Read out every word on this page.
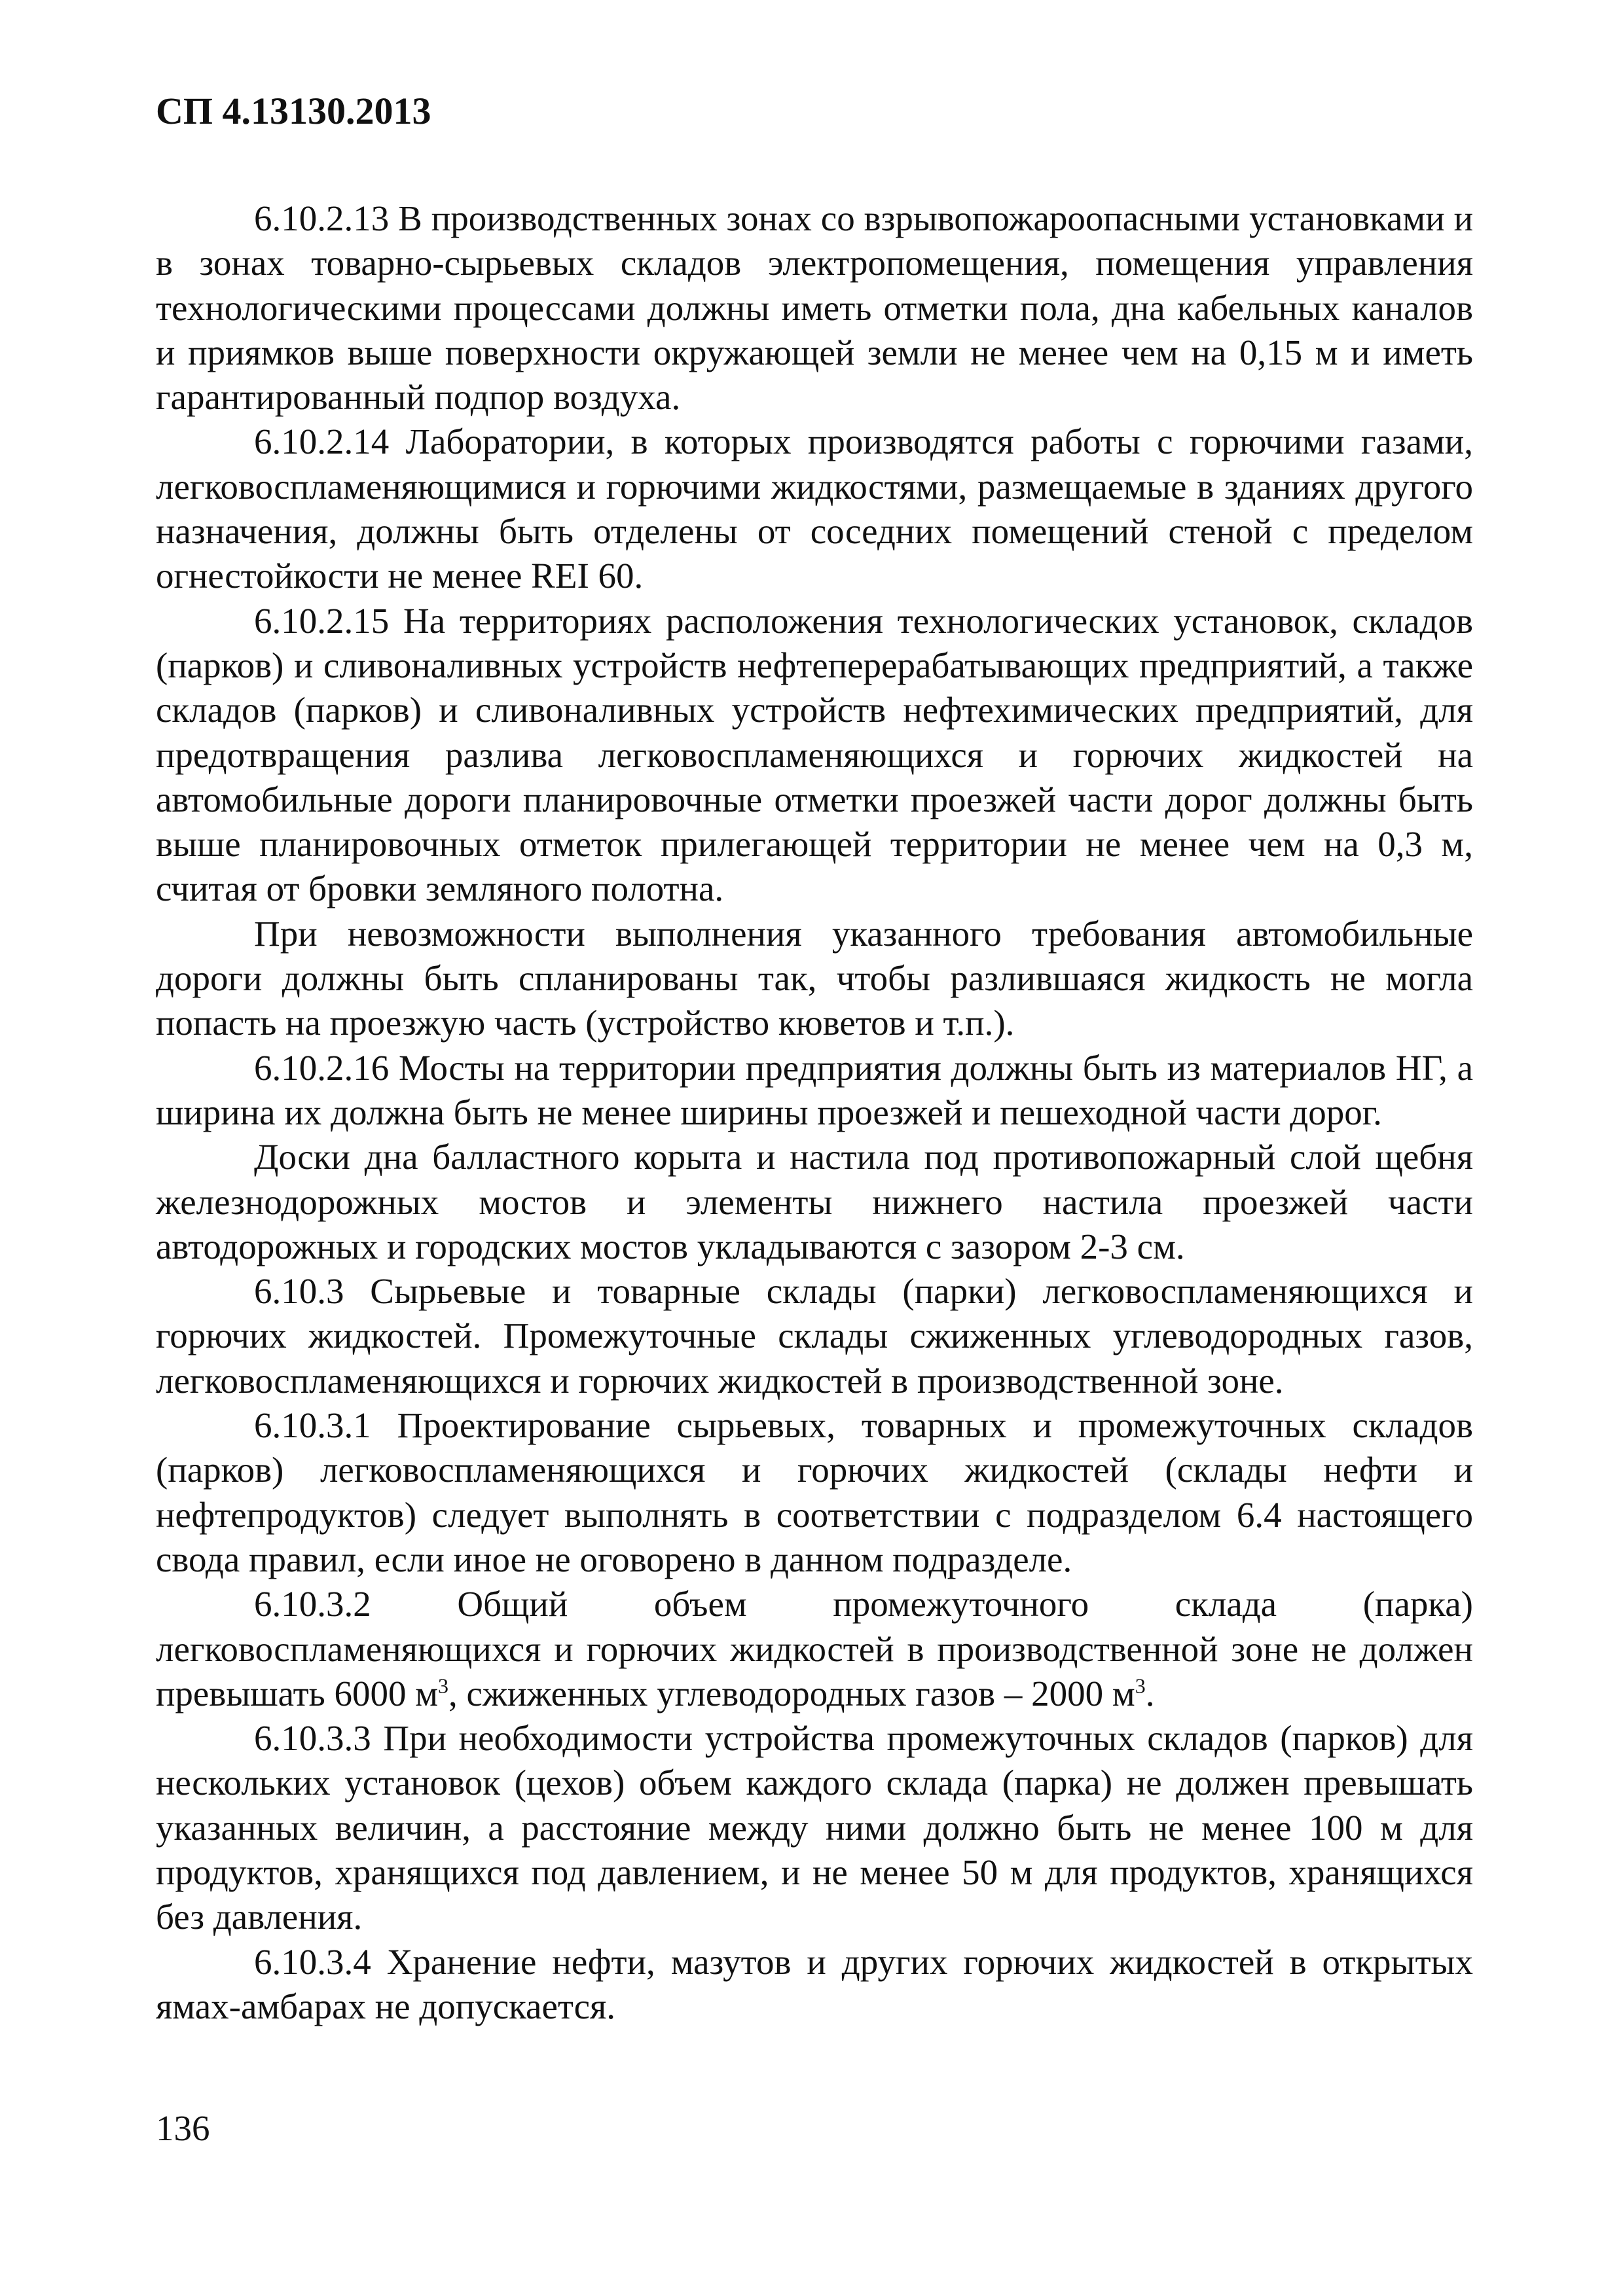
СП 4.13130.2013

6.10.2.13 В производственных зонах со взрывопожароопасными установками и в зонах товарно-сырьевых складов электропомещения, помещения управления технологическими процессами должны иметь отметки пола, дна кабельных каналов и приямков выше поверхности окружающей земли не менее чем на 0,15 м и иметь гарантированный подпор воздуха.

6.10.2.14 Лаборатории, в которых производятся работы с горючими газами, легковоспламеняющимися и горючими жидкостями, размещаемые в зданиях другого назначения, должны быть отделены от соседних помещений стеной с пределом огнестойкости не менее REI 60.

6.10.2.15 На территориях расположения технологических установок, складов (парков) и сливоналивных устройств нефтеперерабатывающих предприятий, а также складов (парков) и сливоналивных устройств нефтехимических предприятий, для предотвращения разлива легковоспламеняющихся и горючих жидкостей на автомобильные дороги планировочные отметки проезжей части дорог должны быть выше планировочных отметок прилегающей территории не менее чем на 0,3 м, считая от бровки земляного полотна.

При невозможности выполнения указанного требования автомобильные дороги должны быть спланированы так, чтобы разлившаяся жидкость не могла попасть на проезжую часть (устройство кюветов и т.п.).

6.10.2.16 Мосты на территории предприятия должны быть из материалов НГ, а ширина их должна быть не менее ширины проезжей и пешеходной части дорог.

Доски дна балластного корыта и настила под противопожарный слой щебня железнодорожных мостов и элементы нижнего настила проезжей части автодорожных и городских мостов укладываются с зазором 2-3 см.

6.10.3 Сырьевые и товарные склады (парки) легковоспламеняющихся и горючих жидкостей. Промежуточные склады сжиженных углеводородных газов, легковоспламеняющихся и горючих жидкостей в производственной зоне.

6.10.3.1 Проектирование сырьевых, товарных и промежуточных складов (парков) легковоспламеняющихся и горючих жидкостей (склады нефти и нефтепродуктов) следует выполнять в соответствии с подразделом 6.4 настоящего свода правил, если иное не оговорено в данном подразделе.

6.10.3.2 Общий объем промежуточного склада (парка) легковоспламеняющихся и горючих жидкостей в производственной зоне не должен превышать 6000 $м^3$, сжиженных углеводородных газов – 2000 $м^3$.

6.10.3.3 При необходимости устройства промежуточных складов (парков) для нескольких установок (цехов) объем каждого склада (парка) не должен превышать указанных величин, а расстояние между ними должно быть не менее 100 м для продуктов, хранящихся под давлением, и не менее 50 м для продуктов, хранящихся без давления.

6.10.3.4 Хранение нефти, мазутов и других горючих жидкостей в открытых ямах-амбарах не допускается.

136
